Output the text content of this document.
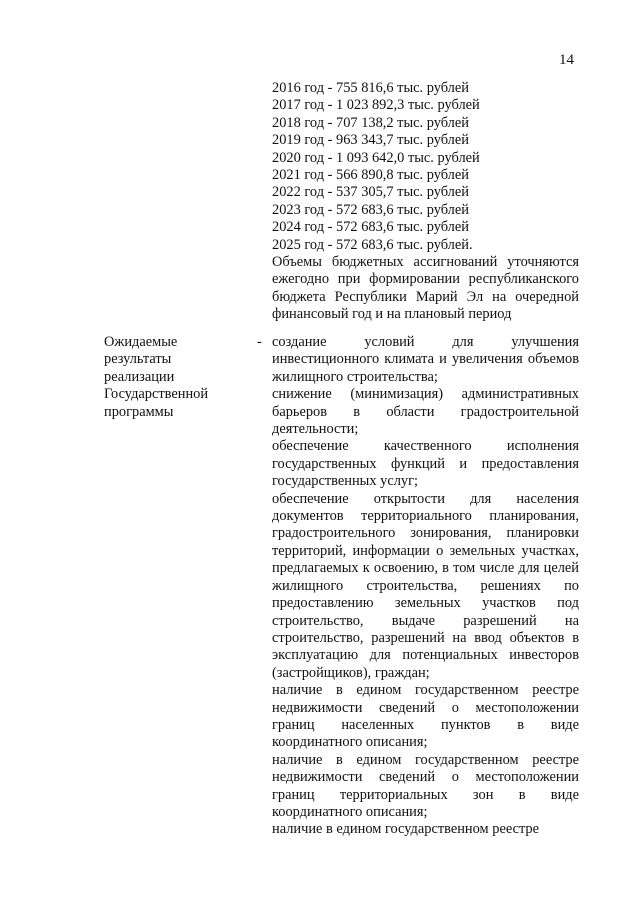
14
2016 год - 755 816,6 тыс. рублей
2017 год - 1 023 892,3 тыс. рублей
2018 год - 707 138,2 тыс. рублей
2019 год - 963 343,7 тыс. рублей
2020 год - 1 093 642,0 тыс. рублей
2021 год - 566 890,8 тыс. рублей
2022 год - 537 305,7 тыс. рублей
2023 год - 572 683,6 тыс. рублей
2024 год - 572 683,6 тыс. рублей
2025 год - 572 683,6 тыс. рублей.
Объемы бюджетных ассигнований уточняются ежегодно при формировании республиканского бюджета Республики Марий Эл на очередной финансовый год и на плановый период
Ожидаемые результаты реализации Государственной программы
- создание условий для улучшения инвестиционного климата и увеличения объемов жилищного строительства;

снижение (минимизация) административных барьеров в области градостроительной деятельности;

обеспечение качественного исполнения государственных функций и предоставления государственных услуг;

обеспечение открытости для населения документов территориального планирования, градостроительного зонирования, планировки территорий, информации о земельных участках, предлагаемых к освоению, в том числе для целей жилищного строительства, решениях по предоставлению земельных участков под строительство, выдаче разрешений на строительство, разрешений на ввод объектов в эксплуатацию для потенциальных инвесторов (застройщиков), граждан;

наличие в едином государственном реестре недвижимости сведений о местоположении границ населенных пунктов в виде координатного описания;

наличие в едином государственном реестре недвижимости сведений о местоположении границ территориальных зон в виде координатного описания;

наличие в едином государственном реестре
